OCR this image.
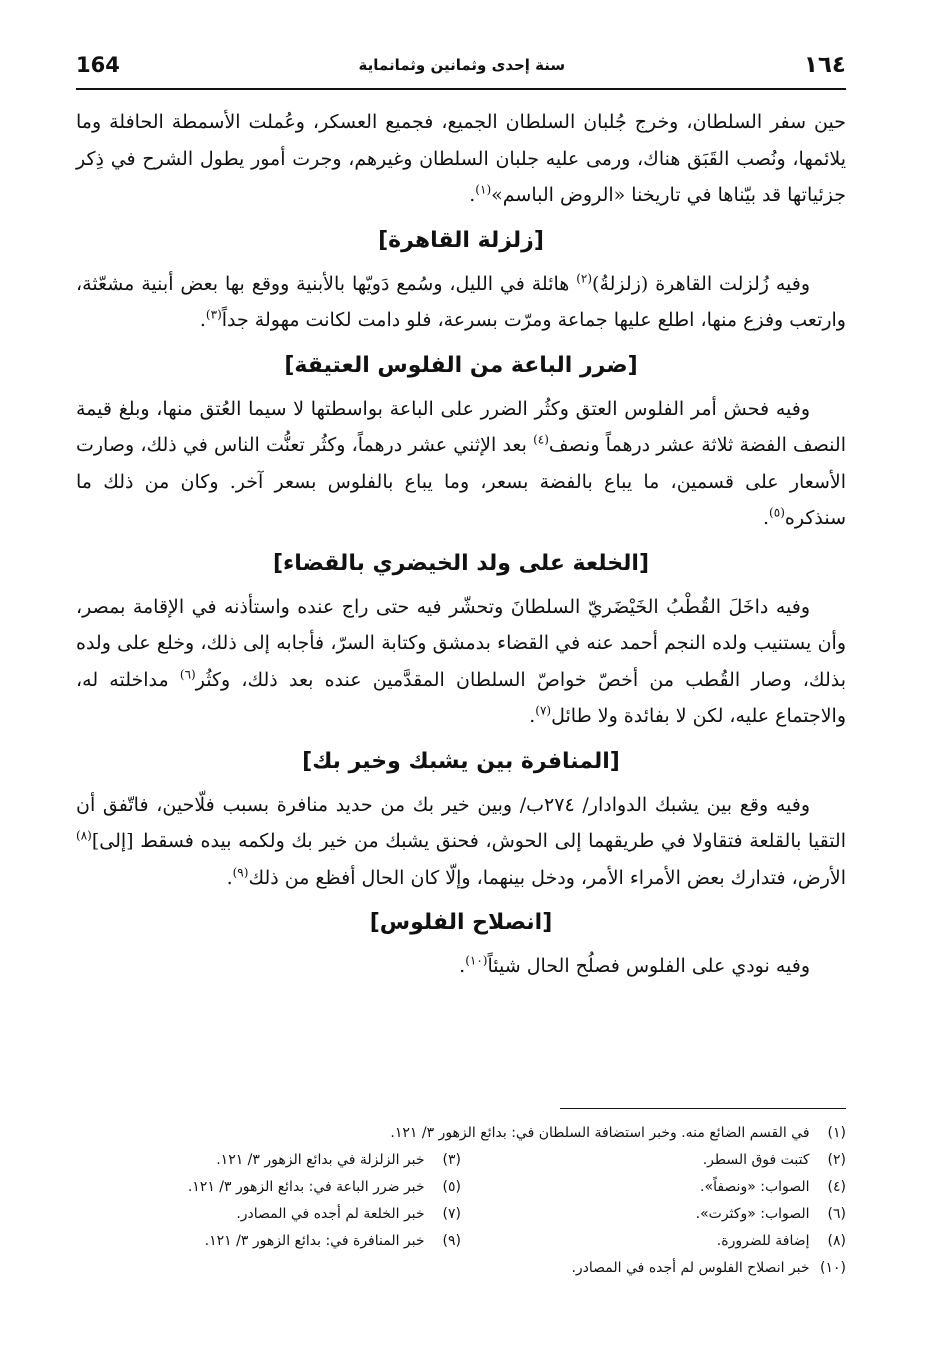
164	سنة إحدى وثمانين وثمانماية	١٦٤

حين سفر السلطان، وخرج جُلبان السلطان الجميع، فجميع العسكر، وعُملت الأسمطة الحافلة وما يلائمها، ونُصب القَبَق هناك، ورمى عليه جلبان السلطان وغيرهم، وجرت أمور يطول الشرح في ذِكر جزئياتها قد بيّناها في تاريخنا «الروض الباسم»$^{(١)}$.

[زلزلة القاهرة]

وفيه زُلزلت القاهرة (زلزلةُ)$^{(٢)}$ هائلة في الليل، وسُمع دَويّها بالأبنية ووقع بها بعض أبنية مشعّثة، وارتعب وفزع منها، اطلع عليها جماعة ومرّت بسرعة، فلو دامت لكانت مهولة جداً$^{(٣)}$.

[ضرر الباعة من الفلوس العتيقة]

وفيه فحش أمر الفلوس العتق وكثُر الضرر على الباعة بواسطتها لا سيما العُتق منها، وبلغ قيمة النصف الفضة ثلاثة عشر درهماً ونصف$^{(٤)}$ بعد الإثني عشر درهماً، وكثُر تعنُّت الناس في ذلك، وصارت الأسعار على قسمين، ما يباع بالفضة بسعر، وما يباع بالفلوس بسعر آخر. وكان من ذلك ما سنذكره$^{(٥)}$.

[الخلعة على ولد الخيضري بالقضاء]

وفيه داخَلَ القُطْبُ الخَيْضَريّ السلطانَ وتحشّر فيه حتى راج عنده واستأذنه في الإقامة بمصر، وأن يستنيب ولده النجم أحمد عنه في القضاء بدمشق وكتابة السرّ، فأجابه إلى ذلك، وخلع على ولده بذلك، وصار القُطب من أخصّ خواصّ السلطان المقدَّمين عنده بعد ذلك، وكثُر$^{(٦)}$ مداخلته له، والاجتماع عليه، لكن لا بفائدة ولا طائل$^{(٧)}$.

[المنافرة بين يشبك وخير بك]

وفيه وقع بين يشبك الدوادار/ ٢٧٤ب/ وبين خير بك من حديد منافرة بسبب فلّاحين، فاتّفق أن التقيا بالقلعة فتقاولا في طريقهما إلى الحوش، فحنق يشبك من خير بك ولكمه بيده فسقط [إلى]$^{(٨)}$ الأرض، فتدارك بعض الأمراء الأمر، ودخل بينهما، وإلّا كان الحال أفظع من ذلك$^{(٩)}$.

[انصلاح الفلوس]

وفيه نودي على الفلوس فصلُح الحال شيئاً$^{(١٠)}$.

(١) في القسم الضائع منه. وخبر استضافة السلطان في: بدائع الزهور ٣/ ١٢١.
(٢) كتبت فوق السطر.
(٣) خبر الزلزلة في بدائع الزهور ٣/ ١٢١.
(٤) الصواب: «ونصفاً».
(٥) خبر ضرر الباعة في: بدائع الزهور ٣/ ١٢١.
(٦) الصواب: «وكثرت».
(٧) خبر الخلعة لم أجده في المصادر.
(٨) إضافة للضرورة.
(٩) خبر المنافرة في: بدائع الزهور ٣/ ١٢١.
(١٠) خبر انصلاح الفلوس لم أجده في المصادر.
